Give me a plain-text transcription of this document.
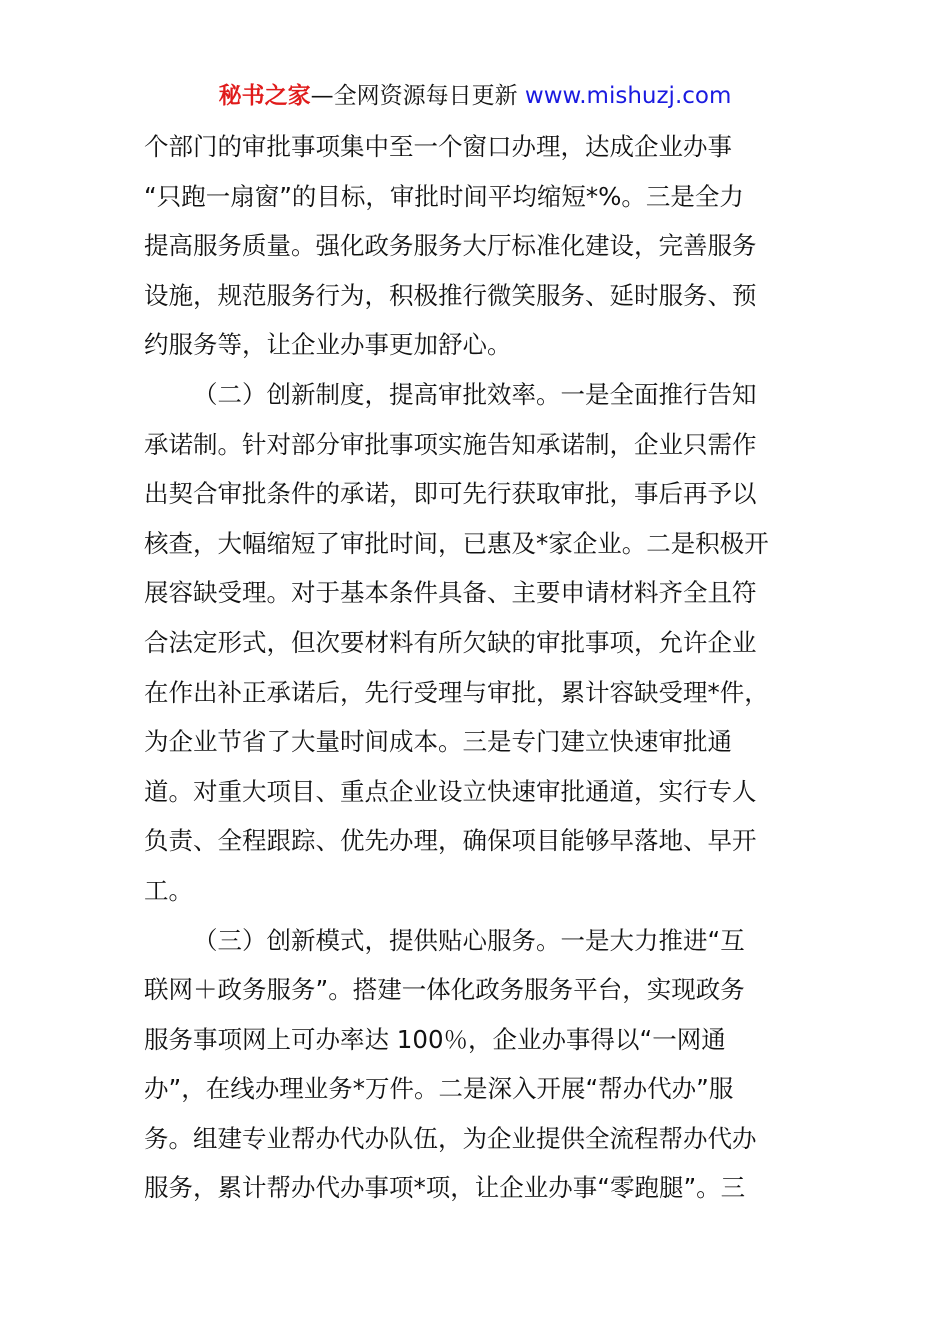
秘书之家—全网资源每日更新 www.mishuzj.com
个部门的审批事项集中至一个窗口办理，达成企业办事
“只跑一扇窗”的目标，审批时间平均缩短*%。三是全力
提高服务质量。强化政务服务大厅标准化建设，完善服务
设施，规范服务行为，积极推行微笑服务、延时服务、预
约服务等，让企业办事更加舒心。
（二）创新制度，提高审批效率。一是全面推行告知
承诺制。针对部分审批事项实施告知承诺制，企业只需作
出契合审批条件的承诺，即可先行获取审批，事后再予以
核查，大幅缩短了审批时间，已惠及*家企业。二是积极开
展容缺受理。对于基本条件具备、主要申请材料齐全且符
合法定形式，但次要材料有所欠缺的审批事项，允许企业
在作出补正承诺后，先行受理与审批，累计容缺受理*件，
为企业节省了大量时间成本。三是专门建立快速审批通
道。对重大项目、重点企业设立快速审批通道，实行专人
负责、全程跟踪、优先办理，确保项目能够早落地、早开
工。
（三）创新模式，提供贴心服务。一是大力推进“互
联网＋政务服务”。搭建一体化政务服务平台，实现政务
服务事项网上可办率达 100％，企业办事得以“一网通
办”，在线办理业务*万件。二是深入开展“帮办代办”服
务。组建专业帮办代办队伍，为企业提供全流程帮办代办
服务，累计帮办代办事项*项，让企业办事“零跑腿”。三
